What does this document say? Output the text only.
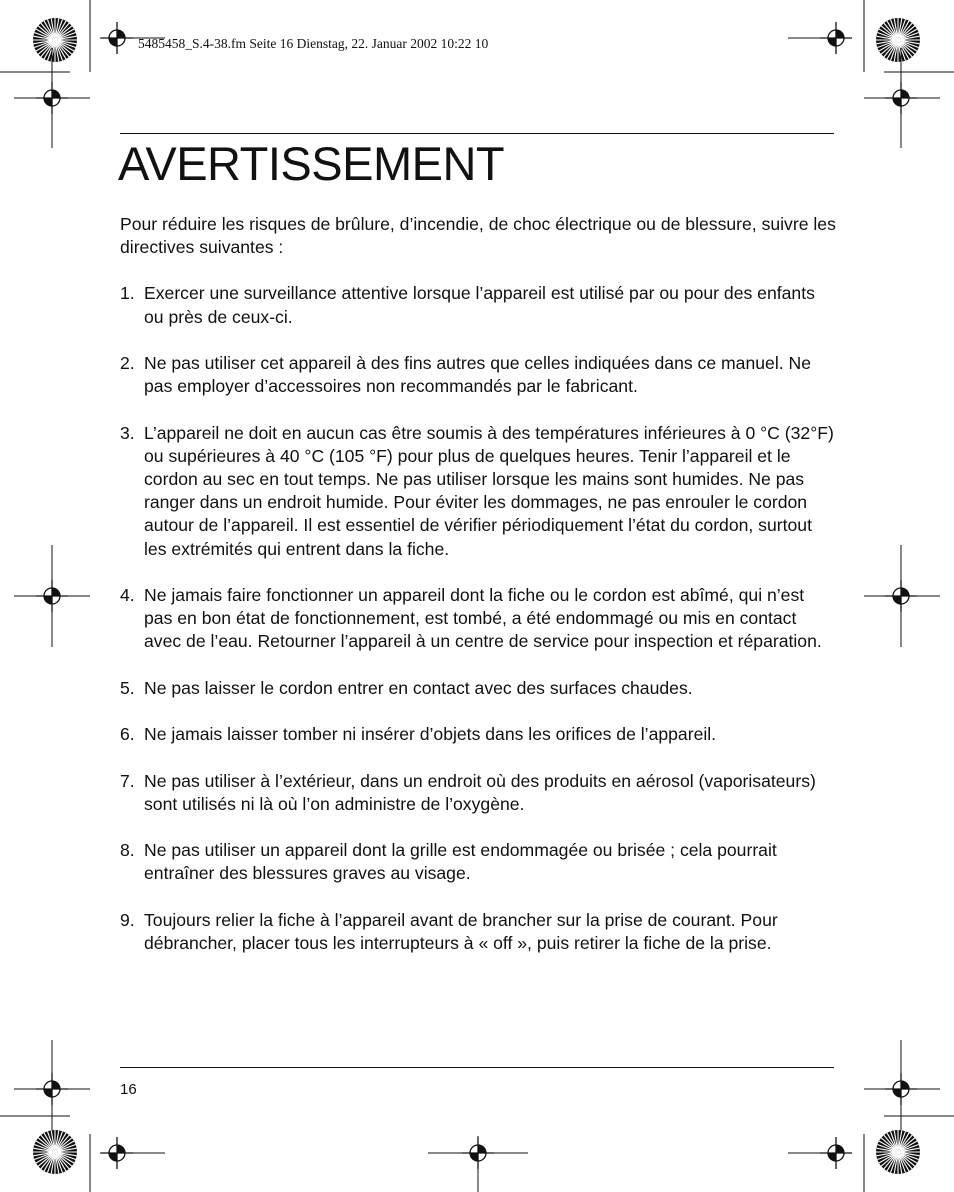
5485458_S.4-38.fm Seite 16 Dienstag, 22. Januar 2002 10:22 10
AVERTISSEMENT

Pour réduire les risques de brûlure, d’incendie, de choc électrique ou de blessure, suivre les directives suivantes :

1. Exercer une surveillance attentive lorsque l’appareil est utilisé par ou pour des enfants ou près de ceux-ci.
2. Ne pas utiliser cet appareil à des fins autres que celles indiquées dans ce manuel. Ne pas employer d’accessoires non recommandés par le fabricant.
3. L’appareil ne doit en aucun cas être soumis à des températures inférieures à 0 °C (32°F) ou supérieures à 40 °C (105 °F) pour plus de quelques heures. Tenir l’appareil et le cordon au sec en tout temps. Ne pas utiliser lorsque les mains sont humides. Ne pas ranger dans un endroit humide. Pour éviter les dommages, ne pas enrouler le cordon autour de l’appareil. Il est essentiel de vérifier périodiquement l’état du cordon, surtout les extrémités qui entrent dans la fiche.
4. Ne jamais faire fonctionner un appareil dont la fiche ou le cordon est abîmé, qui n’est pas en bon état de fonctionnement, est tombé, a été endommagé ou mis en contact avec de l’eau. Retourner l’appareil à un centre de service pour inspection et réparation.
5. Ne pas laisser le cordon entrer en contact avec des surfaces chaudes.
6. Ne jamais laisser tomber ni insérer d’objets dans les orifices de l’appareil.
7. Ne pas utiliser à l’extérieur, dans un endroit où des produits en aérosol (vaporisateurs) sont utilisés ni là où l’on administre de l’oxygène.
8. Ne pas utiliser un appareil dont la grille est endommagée ou brisée ; cela pourrait entraîner des blessures graves au visage.
9. Toujours relier la fiche à l’appareil avant de brancher sur la prise de courant. Pour débrancher, placer tous les interrupteurs à « off », puis retirer la fiche de la prise.
16
